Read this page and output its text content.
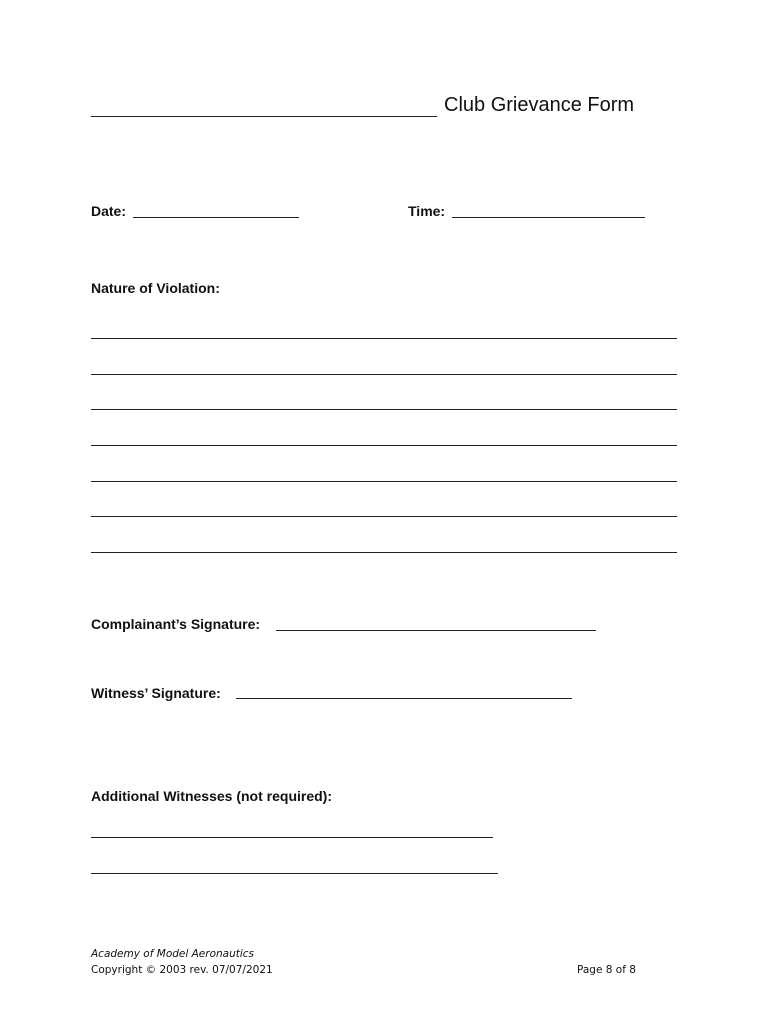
Club Grievance Form
Date:	Time:
Nature of Violation:
Complainant’s Signature:
Witness’ Signature:
Additional Witnesses (not required):
Academy of Model Aeronautics
Copyright © 2003 rev. 07/07/2021	Page 8 of 8
